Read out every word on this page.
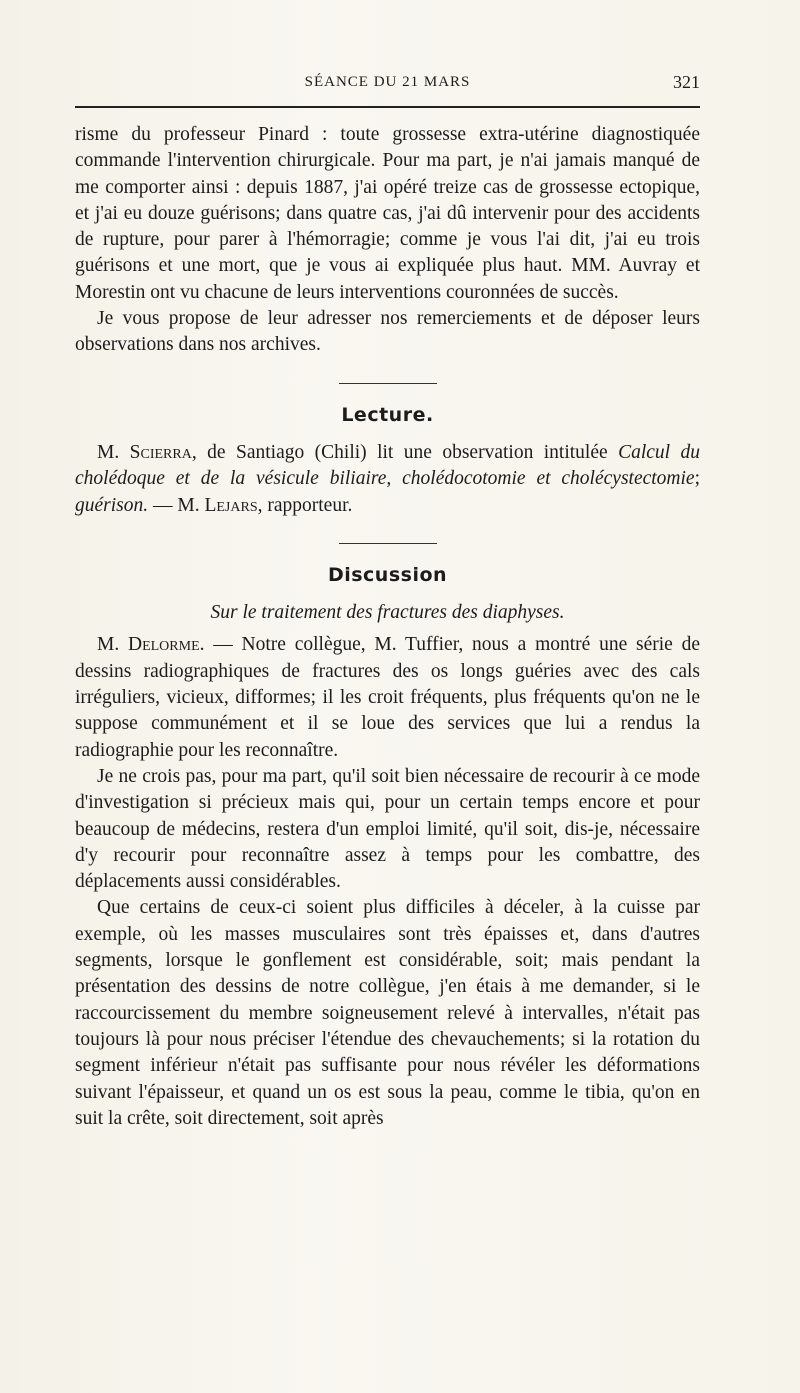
SÉANCE DU 21 MARS	321

risme du professeur Pinard : toute grossesse extra-utérine diagnostiquée commande l'intervention chirurgicale. Pour ma part, je n'ai jamais manqué de me comporter ainsi : depuis 1887, j'ai opéré treize cas de grossesse ectopique, et j'ai eu douze guérisons; dans quatre cas, j'ai dû intervenir pour des accidents de rupture, pour parer à l'hémorragie; comme je vous l'ai dit, j'ai eu trois guérisons et une mort, que je vous ai expliquée plus haut. MM. Auvray et Morestin ont vu chacune de leurs interventions couronnées de succès.

Je vous propose de leur adresser nos remerciements et de déposer leurs observations dans nos archives.

Lecture.

M. Scierra, de Santiago (Chili) lit une observation intitulée Calcul du cholédoque et de la vésicule biliaire, cholédocotomie et cholécystectomie; guérison. — M. Lejars, rapporteur.

Discussion
Sur le traitement des fractures des diaphyses.

M. Delorme. — Notre collègue, M. Tuffier, nous a montré une série de dessins radiographiques de fractures des os longs guéries avec des cals irréguliers, vicieux, difformes; il les croit fréquents, plus fréquents qu'on ne le suppose communément et il se loue des services que lui a rendus la radiographie pour les reconnaître.

Je ne crois pas, pour ma part, qu'il soit bien nécessaire de recourir à ce mode d'investigation si précieux mais qui, pour un certain temps encore et pour beaucoup de médecins, restera d'un emploi limité, qu'il soit, dis-je, nécessaire d'y recourir pour reconnaître assez à temps pour les combattre, des déplacements aussi considérables.

Que certains de ceux-ci soient plus difficiles à déceler, à la cuisse par exemple, où les masses musculaires sont très épaisses et, dans d'autres segments, lorsque le gonflement est considérable, soit; mais pendant la présentation des dessins de notre collègue, j'en étais à me demander, si le raccourcissement du membre soigneusement relevé à intervalles, n'était pas toujours là pour nous préciser l'étendue des chevauchements; si la rotation du segment inférieur n'était pas suffisante pour nous révéler les déformations suivant l'épaisseur, et quand un os est sous la peau, comme le tibia, qu'on en suit la crête, soit directement, soit après
